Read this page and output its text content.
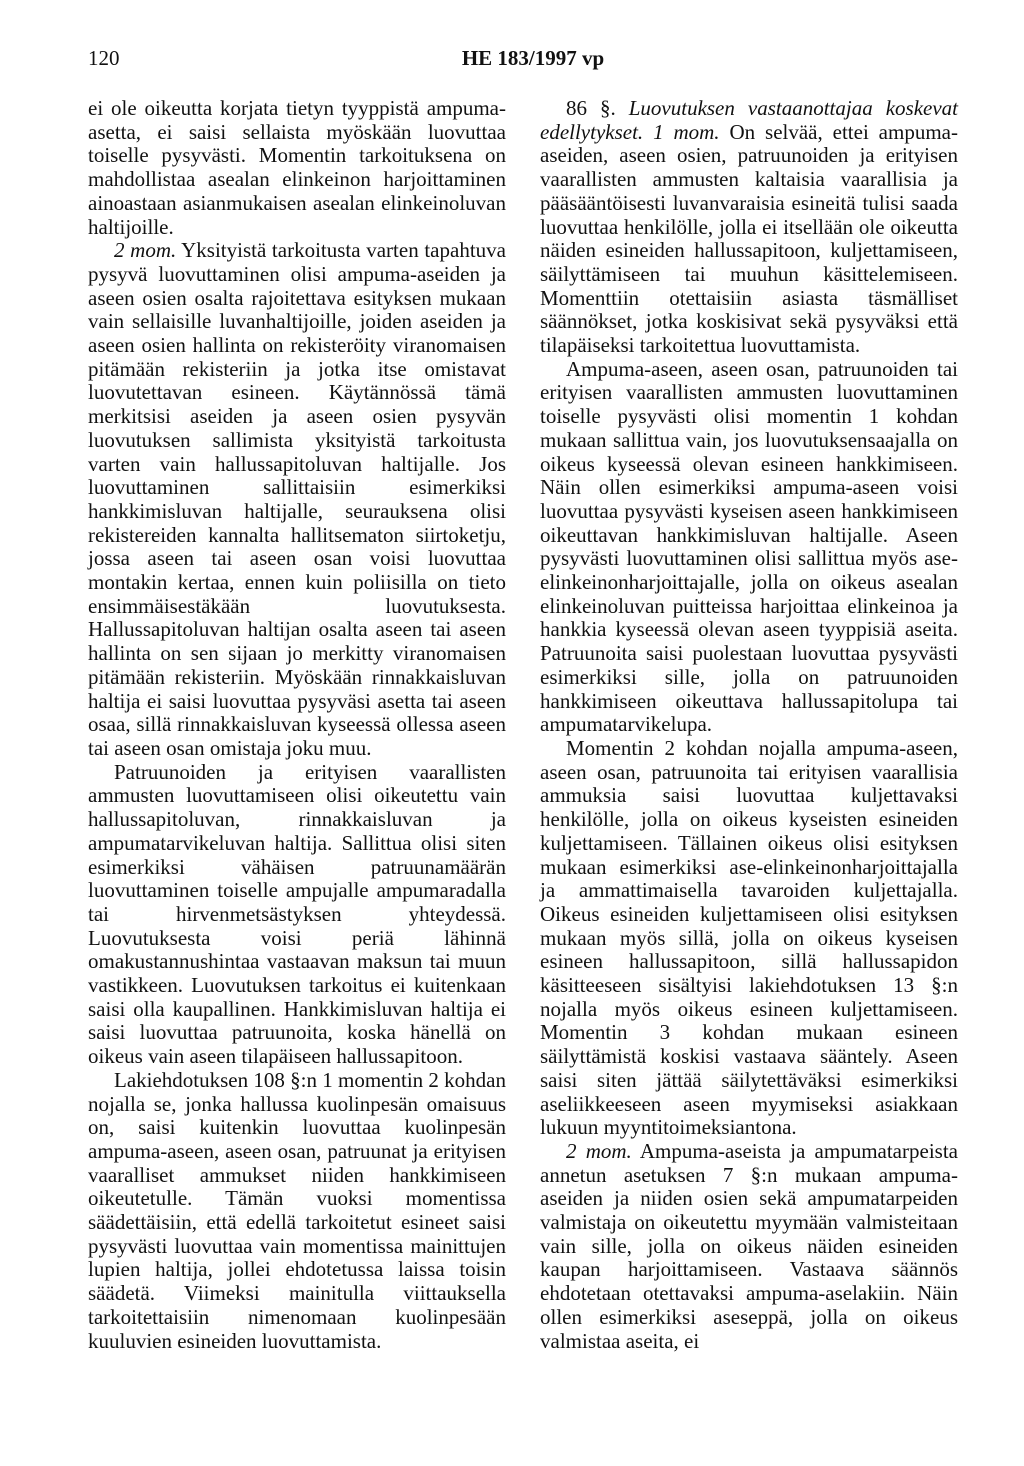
120	HE 183/1997 vp

ei ole oikeutta korjata tietyn tyyppistä ampuma-asetta, ei saisi sellaista myöskään luovuttaa toiselle pysyvästi. Momentin tarkoituksena on mahdollistaa asealan elinkeinon harjoittaminen ainoastaan asianmukaisen asealan elinkeinoluvan haltijoille.

2 mom. Yksityistä tarkoitusta varten tapahtuva pysyvä luovuttaminen olisi ampuma-aseiden ja aseen osien osalta rajoitettava esityksen mukaan vain sellaisille luvanhaltijoille, joiden aseiden ja aseen osien hallinta on rekisteröity viranomaisen pitämään rekisteriin ja jotka itse omistavat luovutettavan esineen. Käytännössä tämä merkitsisi aseiden ja aseen osien pysyvän luovutuksen sallimista yksityistä tarkoitusta varten vain hallussapitoluvan haltijalle. Jos luovuttaminen sallittaisiin esimerkiksi hankkimisluvan haltijalle, seurauksena olisi rekistereiden kannalta hallitsematon siirtoketju, jossa aseen tai aseen osan voisi luovuttaa montakin kertaa, ennen kuin poliisilla on tieto ensimmäisestäkään luovutuksesta. Hallussapitoluvan haltijan osalta aseen tai aseen hallinta on sen sijaan jo merkitty viranomaisen pitämään rekisteriin. Myöskään rinnakkaisluvan haltija ei saisi luovuttaa pysyväsi asetta tai aseen osaa, sillä rinnakkaisluvan kyseessä ollessa aseen tai aseen osan omistaja joku muu.

Patruunoiden ja erityisen vaarallisten ammusten luovuttamiseen olisi oikeutettu vain hallussapitoluvan, rinnakkaisluvan ja ampumatarvikeluvan haltija. Sallittua olisi siten esimerkiksi vähäisen patruunamäärän luovuttaminen toiselle ampujalle ampumaradalla tai hirvenmetsästyksen yhteydessä. Luovutuksesta voisi periä lähinnä omakustannushintaa vastaavan maksun tai muun vastikkeen. Luovutuksen tarkoitus ei kuitenkaan saisi olla kaupallinen. Hankkimisluvan haltija ei saisi luovuttaa patruunoita, koska hänellä on oikeus vain aseen tilapäiseen hallussapitoon.

Lakiehdotuksen 108 §:n 1 momentin 2 kohdan nojalla se, jonka hallussa kuolinpesän omaisuus on, saisi kuitenkin luovuttaa kuolinpesän ampuma-aseen, aseen osan, patruunat ja erityisen vaaralliset ammukset niiden hankkimiseen oikeutetulle. Tämän vuoksi momentissa säädettäisiin, että edellä tarkoitetut esineet saisi pysyvästi luovuttaa vain momentissa mainittujen lupien haltija, jollei ehdotetussa laissa toisin säädetä. Viimeksi mainitulla viittauksella tarkoitettaisiin nimenomaan kuolinpesään kuuluvien esineiden luovuttamista.

86 §. Luovutuksen vastaanottajaa koskevat edellytykset. 1 mom. On selvää, ettei ampuma-aseiden, aseen osien, patruunoiden ja erityisen vaarallisten ammusten kaltaisia vaarallisia ja pääsääntöisesti luvanvaraisia esineitä tulisi saada luovuttaa henkilölle, jolla ei itsellään ole oikeutta näiden esineiden hallussapitoon, kuljettamiseen, säilyttämiseen tai muuhun käsittelemiseen. Momenttiin otettaisiin asiasta täsmälliset säännökset, jotka koskisivat sekä pysyväksi että tilapäiseksi tarkoitettua luovuttamista.

Ampuma-aseen, aseen osan, patruunoiden tai erityisen vaarallisten ammusten luovuttaminen toiselle pysyvästi olisi momentin 1 kohdan mukaan sallittua vain, jos luovutuksensaajalla on oikeus kyseessä olevan esineen hankkimiseen. Näin ollen esimerkiksi ampuma-aseen voisi luovuttaa pysyvästi kyseisen aseen hankkimiseen oikeuttavan hankkimisluvan haltijalle. Aseen pysyvästi luovuttaminen olisi sallittua myös ase-elinkeinonharjoittajalle, jolla on oikeus asealan elinkeinoluvan puitteissa harjoittaa elinkeinoa ja hankkia kyseessä olevan aseen tyyppisiä aseita. Patruunoita saisi puolestaan luovuttaa pysyvästi esimerkiksi sille, jolla on patruunoiden hankkimiseen oikeuttava hallussapitolupa tai ampumatarvikelupa.

Momentin 2 kohdan nojalla ampuma-aseen, aseen osan, patruunoita tai erityisen vaarallisia ammuksia saisi luovuttaa kuljettavaksi henkilölle, jolla on oikeus kyseisten esineiden kuljettamiseen. Tällainen oikeus olisi esityksen mukaan esimerkiksi ase-elinkeinonharjoittajalla ja ammattimaisella tavaroiden kuljettajalla. Oikeus esineiden kuljettamiseen olisi esityksen mukaan myös sillä, jolla on oikeus kyseisen esineen hallussapitoon, sillä hallussapidon käsitteeseen sisältyisi lakiehdotuksen 13 §:n nojalla myös oikeus esineen kuljettamiseen. Momentin 3 kohdan mukaan esineen säilyttämistä koskisi vastaava sääntely. Aseen saisi siten jättää säilytettäväksi esimerkiksi aseliikkeeseen aseen myymiseksi asiakkaan lukuun myyntitoimeksiantona.

2 mom. Ampuma-aseista ja ampumatarpeista annetun asetuksen 7 §:n mukaan ampuma-aseiden ja niiden osien sekä ampumatarpeiden valmistaja on oikeutettu myymään valmisteitaan vain sille, jolla on oikeus näiden esineiden kaupan harjoittamiseen. Vastaava säännös ehdotetaan otettavaksi ampuma-aselakiin. Näin ollen esimerkiksi aseseppä, jolla on oikeus valmistaa aseita, ei
